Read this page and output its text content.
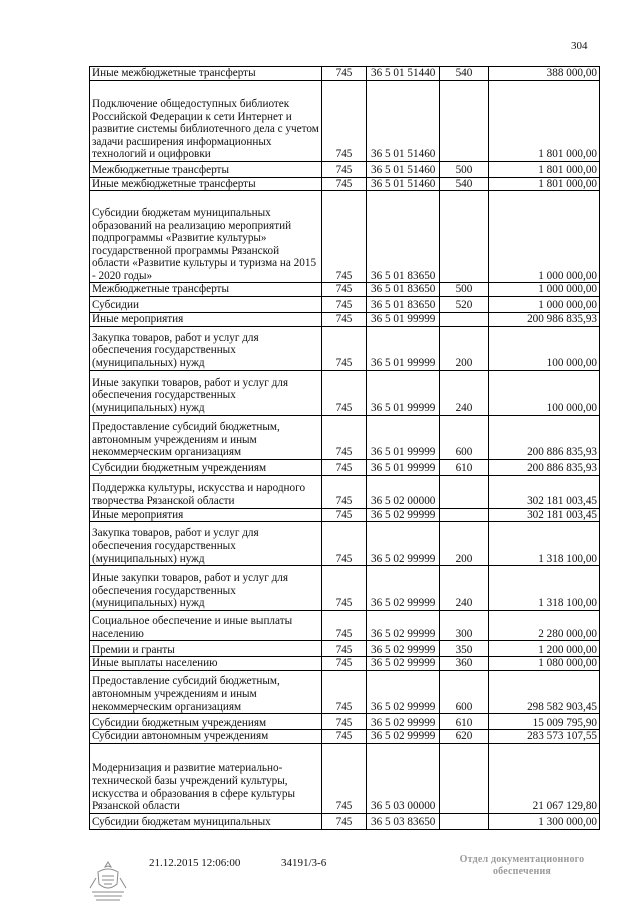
304
Иные межбюджетные трансферты	745	36 5 01 51440	540	388 000,00
Подключение общедоступных библиотек Российской Федерации к сети Интернет и развитие системы библиотечного дела с учетом задачи расширения информационных технологий и оцифровки	745	36 5 01 51460		1 801 000,00
Межбюджетные трансферты	745	36 5 01 51460	500	1 801 000,00
Иные межбюджетные трансферты	745	36 5 01 51460	540	1 801 000,00
Субсидии бюджетам муниципальных образований на реализацию мероприятий подпрограммы «Развитие культуры» государственной программы Рязанской области «Развитие культуры и туризма на 2015 - 2020 годы»	745	36 5 01 83650		1 000 000,00
Межбюджетные трансферты	745	36 5 01 83650	500	1 000 000,00
Субсидии	745	36 5 01 83650	520	1 000 000,00
Иные мероприятия	745	36 5 01 99999		200 986 835,93
Закупка товаров, работ и услуг для обеспечения государственных (муниципальных) нужд	745	36 5 01 99999	200	100 000,00
Иные закупки товаров, работ и услуг для обеспечения государственных (муниципальных) нужд	745	36 5 01 99999	240	100 000,00
Предоставление субсидий бюджетным, автономным учреждениям и иным некоммерческим организациям	745	36 5 01 99999	600	200 886 835,93
Субсидии бюджетным учреждениям	745	36 5 01 99999	610	200 886 835,93
Поддержка культуры, искусства и народного творчества Рязанской области	745	36 5 02 00000		302 181 003,45
Иные мероприятия	745	36 5 02 99999		302 181 003,45
Закупка товаров, работ и услуг для обеспечения государственных (муниципальных) нужд	745	36 5 02 99999	200	1 318 100,00
Иные закупки товаров, работ и услуг для обеспечения государственных (муниципальных) нужд	745	36 5 02 99999	240	1 318 100,00
Социальное обеспечение и иные выплаты населению	745	36 5 02 99999	300	2 280 000,00
Премии и гранты	745	36 5 02 99999	350	1 200 000,00
Иные выплаты населению	745	36 5 02 99999	360	1 080 000,00
Предоставление субсидий бюджетным, автономным учреждениям и иным некоммерческим организациям	745	36 5 02 99999	600	298 582 903,45
Субсидии бюджетным учреждениям	745	36 5 02 99999	610	15 009 795,90
Субсидии автономным учреждениям	745	36 5 02 99999	620	283 573 107,55
Модернизация и развитие материально-технической базы учреждений культуры, искусства и образования в сфере культуры Рязанской области	745	36 5 03 00000		21 067 129,80
Субсидии бюджетам муниципальных	745	36 5 03 83650		1 300 000,00
21.12.2015 12:06:00	34191/3-6	Отдел документационного обеспечения
